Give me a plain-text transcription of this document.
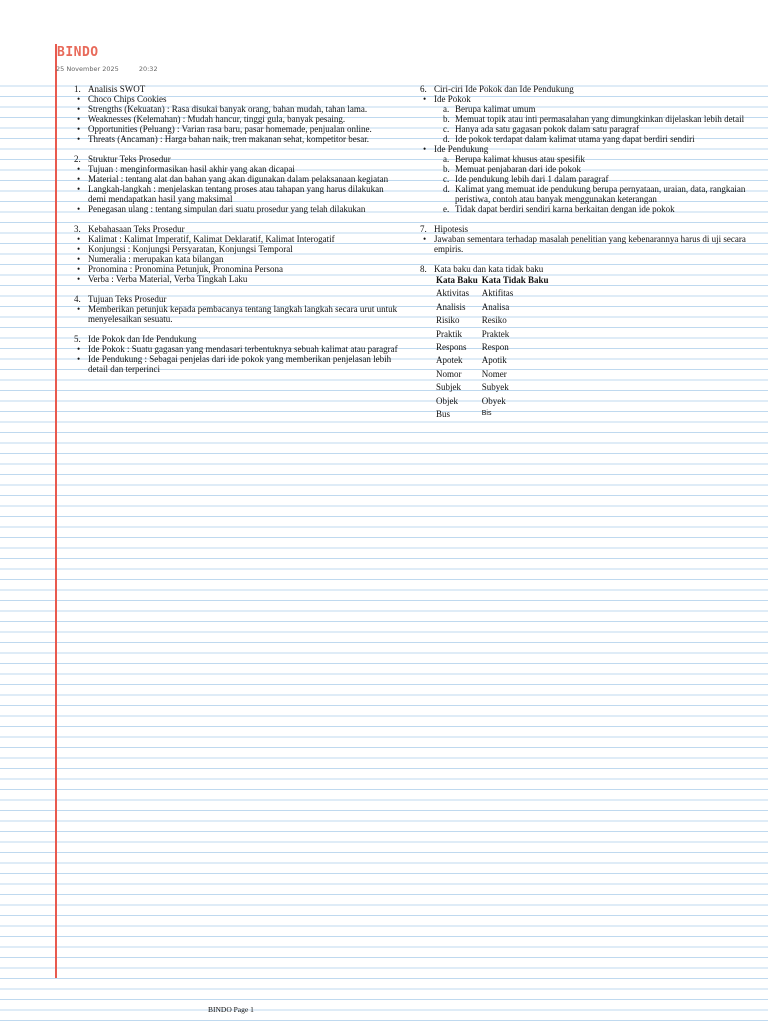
BINDO
25 November 2025	20:32
1. Analisis SWOT
• Choco Chips Cookies
• Strengths (Kekuatan) : Rasa disukai banyak orang, bahan mudah, tahan lama.
• Weaknesses (Kelemahan) : Mudah hancur, tinggi gula, banyak pesaing.
• Opportunities (Peluang) : Varian rasa baru, pasar homemade, penjualan online.
• Threats (Ancaman) : Harga bahan naik, tren makanan sehat, kompetitor besar.
2. Struktur Teks Prosedur
• Tujuan : menginformasikan hasil akhir yang akan dicapai
• Material : tentang alat dan bahan yang akan digunakan dalam pelaksanaan kegiatan
• Langkah-langkah : menjelaskan tentang proses atau tahapan yang harus dilakukan demi mendapatkan hasil yang maksimal
• Penegasan ulang : tentang simpulan dari suatu prosedur yang telah dilakukan
3. Kebahasaan Teks Prosedur
• Kalimat : Kalimat Imperatif, Kalimat Deklaratif, Kalimat Interogatif
• Konjungsi : Konjungsi Persyaratan, Konjungsi Temporal
• Numeralia : merupakan kata bilangan
• Pronomina : Pronomina Petunjuk, Pronomina Persona
• Verba : Verba Material, Verba Tingkah Laku
4. Tujuan Teks Prosedur
• Memberikan petunjuk kepada pembacanya tentang langkah langkah secara urut untuk menyelesaikan sesuatu.
5. Ide Pokok dan Ide Pendukung
• Ide Pokok : Suatu gagasan yang mendasari terbentuknya sebuah kalimat atau paragraf
• Ide Pendukung : Sebagai penjelas dari ide pokok yang memberikan penjelasan lebih detail dan terperinci
6. Ciri-ciri Ide Pokok dan Ide Pendukung
• Ide Pokok
a. Berupa kalimat umum
b. Memuat topik atau inti permasalahan yang dimungkinkan dijelaskan lebih detail
c. Hanya ada satu gagasan pokok dalam satu paragraf
d. Ide pokok terdapat dalam kalimat utama yang dapat berdiri sendiri
• Ide Pendukung
a. Berupa kalimat khusus atau spesifik
b. Memuat penjabaran dari ide pokok
c. Ide pendukung lebih dari 1 dalam paragraf
d. Kalimat yang memuat ide pendukung berupa pernyataan, uraian, data, rangkaian peristiwa, contoh atau banyak menggunakan keterangan
e. Tidak dapat berdiri sendiri karna berkaitan dengan ide pokok
7. Hipotesis
• Jawaban sementara terhadap masalah penelitian yang kebenarannya harus di uji secara empiris.
8. Kata baku dan kata tidak baku
Kata Baku	Kata Tidak Baku
Aktivitas	Aktifitas
Analisis	Analisa
Risiko	Resiko
Praktik	Praktek
Respons	Respon
Apotek	Apotik
Nomor	Nomer
Subjek	Subyek
Objek	Obyek
Bus	Bis
BINDO Page 1
